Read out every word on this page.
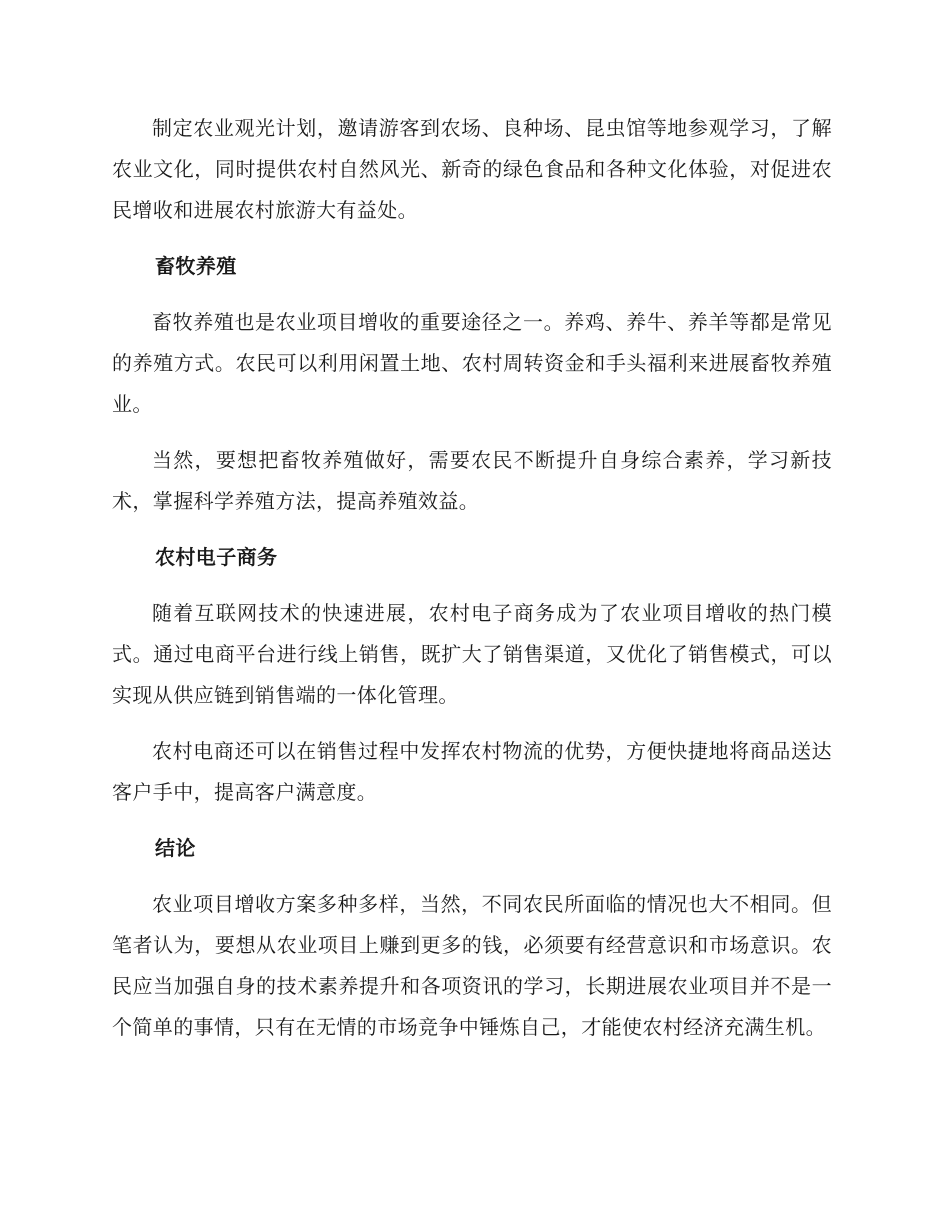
制定农业观光计划，邀请游客到农场、良种场、昆虫馆等地参观学习，了解农业文化，同时提供农村自然风光、新奇的绿色食品和各种文化体验，对促进农民增收和进展农村旅游大有益处。

畜牧养殖

畜牧养殖也是农业项目增收的重要途径之一。养鸡、养牛、养羊等都是常见的养殖方式。农民可以利用闲置土地、农村周转资金和手头福利来进展畜牧养殖业。

当然，要想把畜牧养殖做好，需要农民不断提升自身综合素养，学习新技术，掌握科学养殖方法，提高养殖效益。

农村电子商务

随着互联网技术的快速进展，农村电子商务成为了农业项目增收的热门模式。通过电商平台进行线上销售，既扩大了销售渠道，又优化了销售模式，可以实现从供应链到销售端的一体化管理。

农村电商还可以在销售过程中发挥农村物流的优势，方便快捷地将商品送达客户手中，提高客户满意度。

结论

农业项目增收方案多种多样，当然，不同农民所面临的情况也大不相同。但笔者认为，要想从农业项目上赚到更多的钱，必须要有经营意识和市场意识。农民应当加强自身的技术素养提升和各项资讯的学习，长期进展农业项目并不是一个简单的事情，只有在无情的市场竞争中锤炼自己，才能使农村经济充满生机。
